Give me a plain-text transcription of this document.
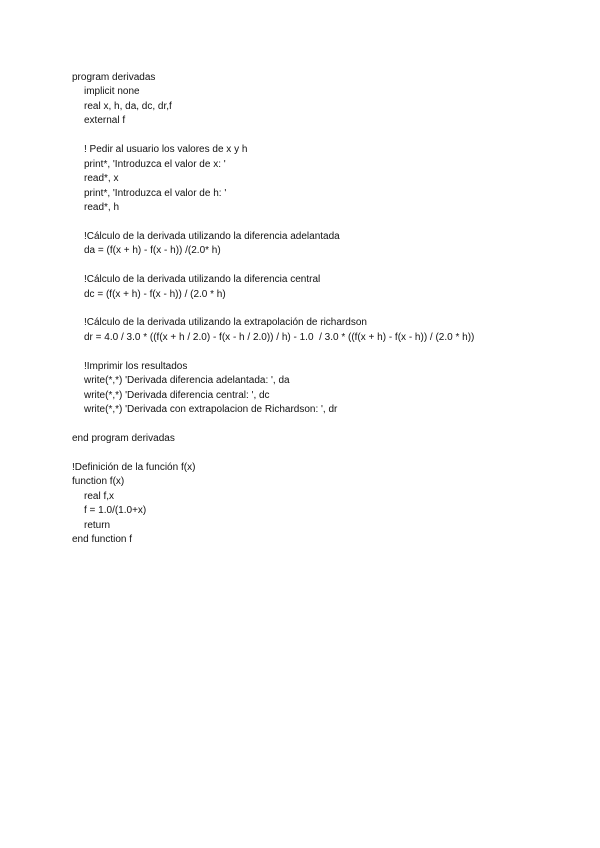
program derivadas
implicit none
real x, h, da, dc, dr,f
external f
! Pedir al usuario los valores de x y h
print*, 'Introduzca el valor de x: '
read*, x
print*, 'Introduzca el valor de h: '
read*, h
!Cálculo de la derivada utilizando la diferencia adelantada
da = (f(x + h) - f(x - h)) /(2.0* h)
!Cálculo de la derivada utilizando la diferencia central
dc = (f(x + h) - f(x - h)) / (2.0 * h)
!Cálculo de la derivada utilizando la extrapolación de richardson
dr = 4.0 / 3.0 * ((f(x + h / 2.0) - f(x - h / 2.0)) / h) - 1.0  / 3.0 * ((f(x + h) - f(x - h)) / (2.0 * h))
!Imprimir los resultados
write(*,*) 'Derivada diferencia adelantada: ', da
write(*,*) 'Derivada diferencia central: ', dc
write(*,*) 'Derivada con extrapolacion de Richardson: ', dr
end program derivadas
!Definición de la función f(x)
function f(x)
real f,x
f = 1.0/(1.0+x)
return
end function f
